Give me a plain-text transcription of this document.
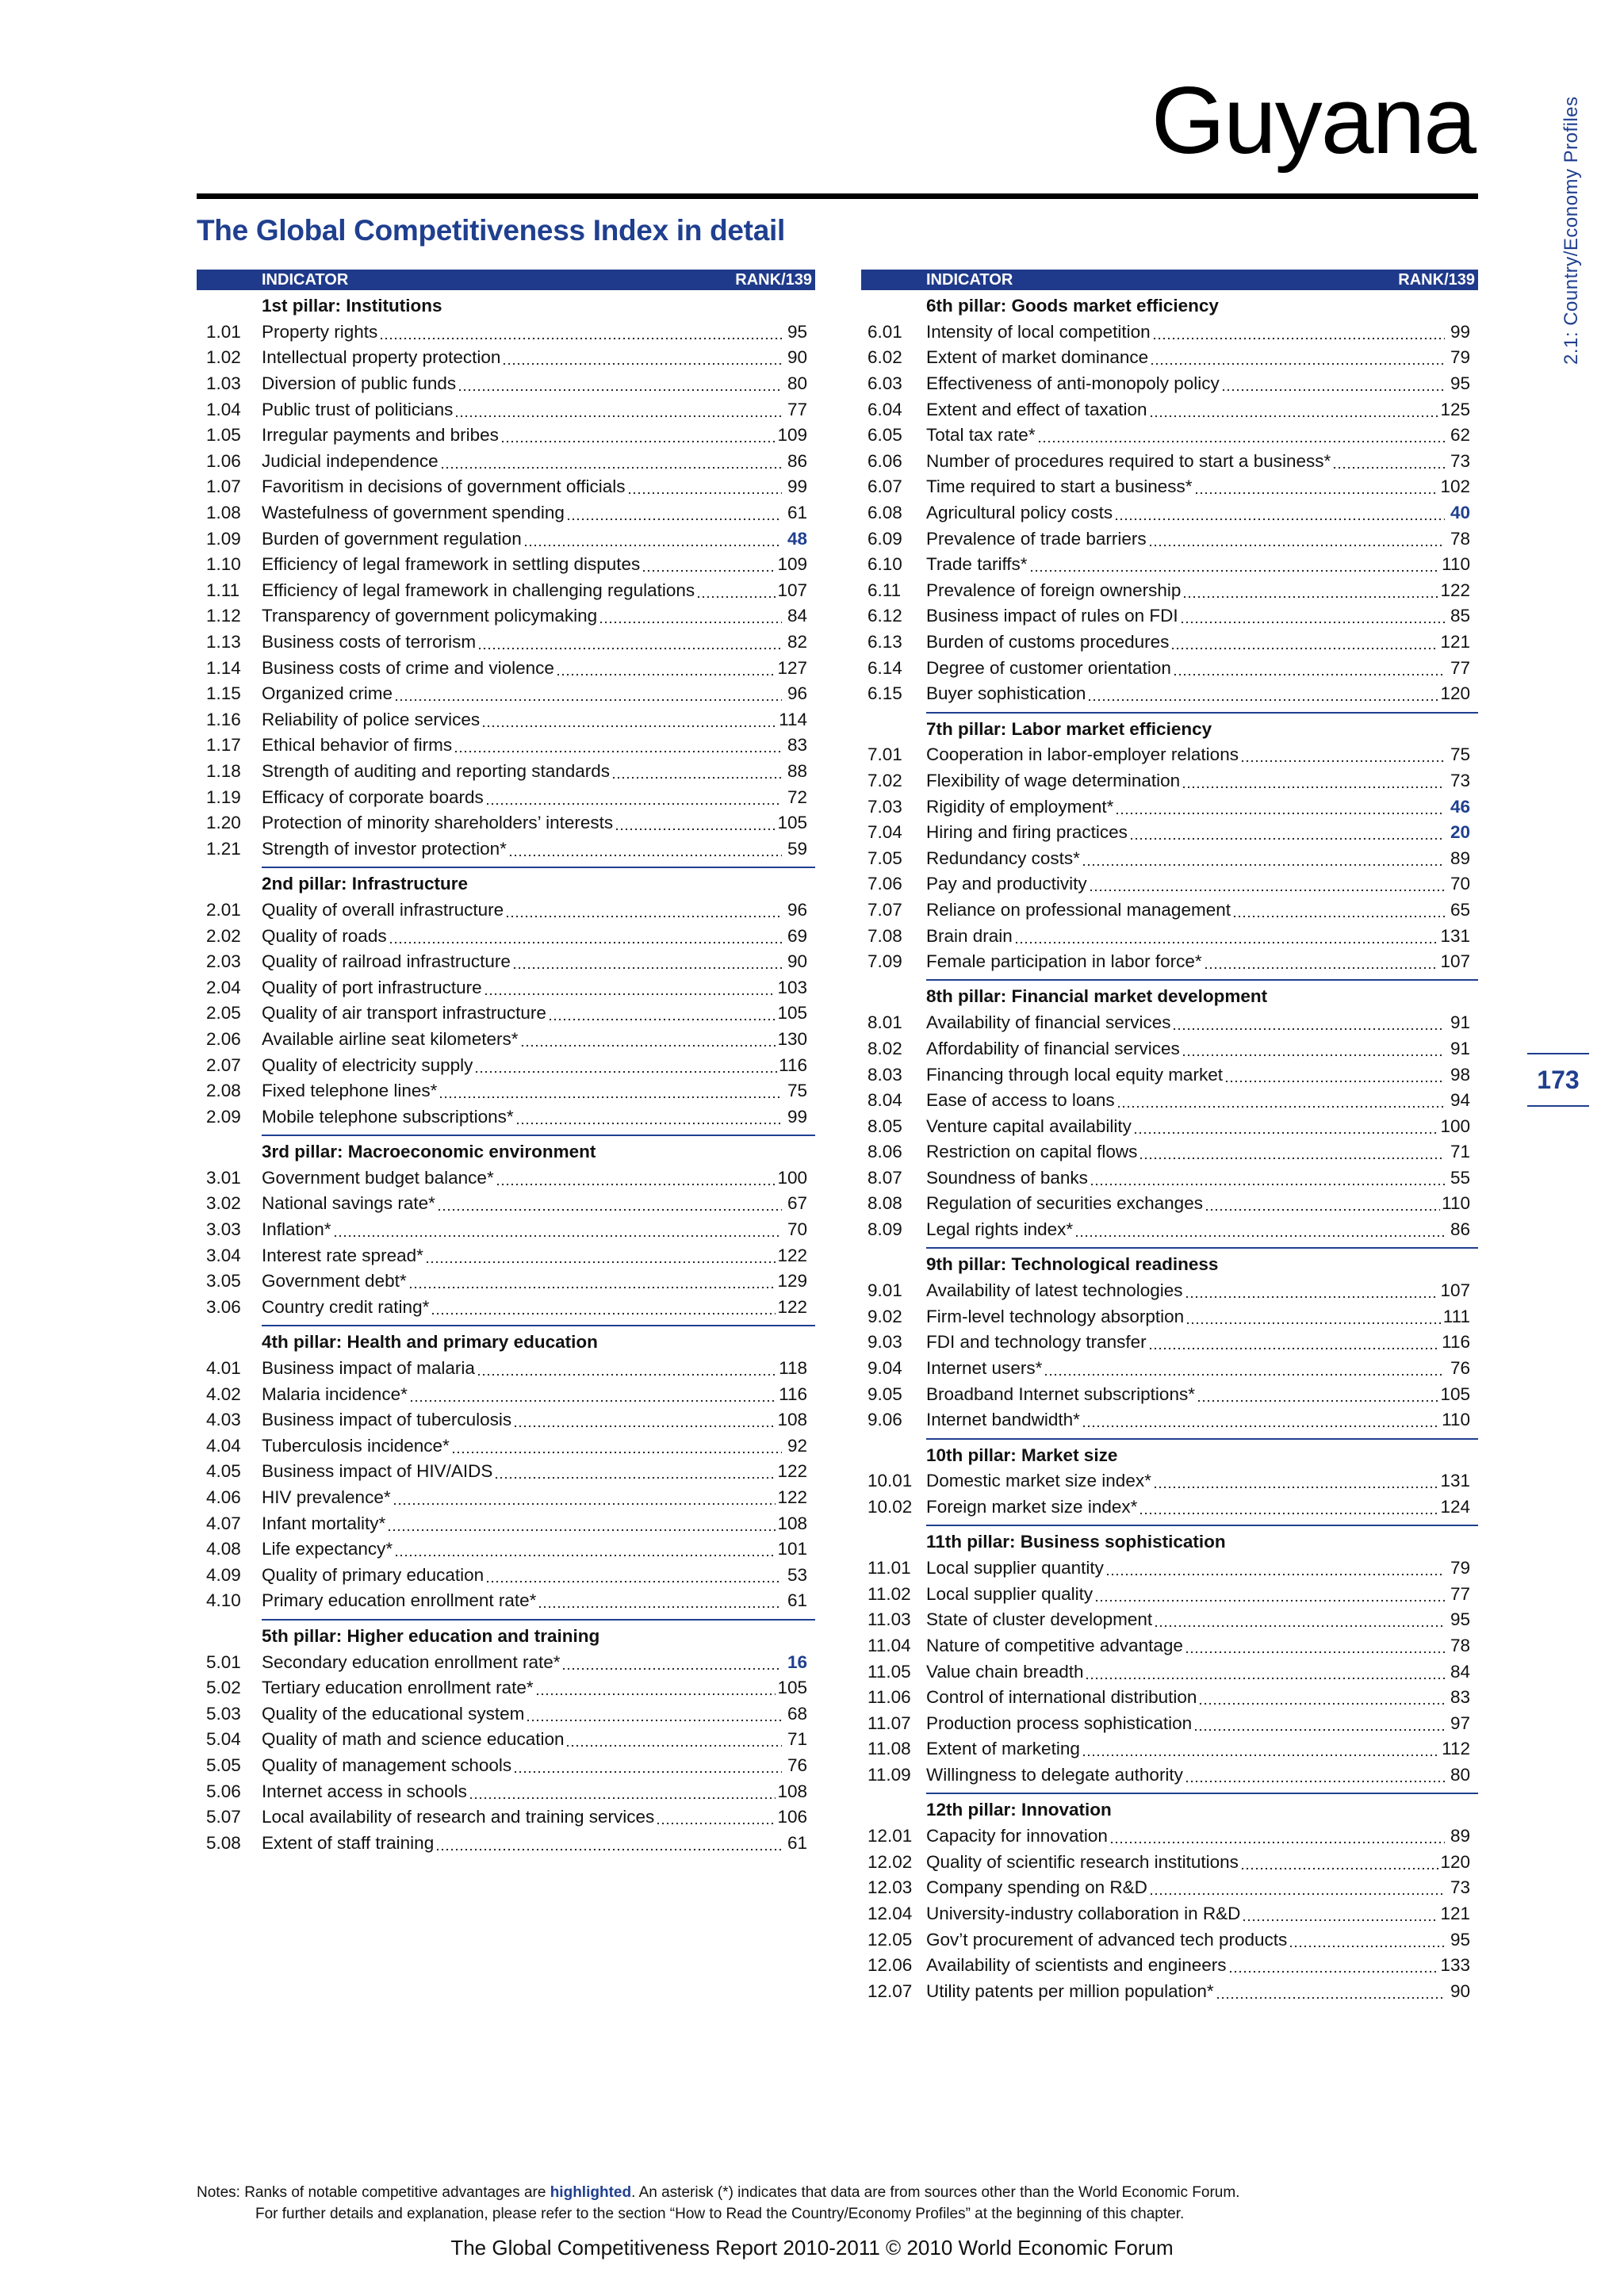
Guyana	2.1: Country/Economy Profiles
173
The Global Competitiveness Index in detail
INDICATOR	RANK/139
1st pillar: Institutions
1.01	Property rights	95
1.02	Intellectual property protection	90
1.03	Diversion of public funds	80
1.04	Public trust of politicians	77
1.05	Irregular payments and bribes	109
1.06	Judicial independence	86
1.07	Favoritism in decisions of government officials	99
1.08	Wastefulness of government spending	61
1.09	Burden of government regulation	48
1.10	Efficiency of legal framework in settling disputes	109
1.11	Efficiency of legal framework in challenging regulations	107
1.12	Transparency of government policymaking	84
1.13	Business costs of terrorism	82
1.14	Business costs of crime and violence	127
1.15	Organized crime	96
1.16	Reliability of police services	114
1.17	Ethical behavior of firms	83
1.18	Strength of auditing and reporting standards	88
1.19	Efficacy of corporate boards	72
1.20	Protection of minority shareholders’ interests	105
1.21	Strength of investor protection*	59
2nd pillar: Infrastructure
2.01	Quality of overall infrastructure	96
2.02	Quality of roads	69
2.03	Quality of railroad infrastructure	90
2.04	Quality of port infrastructure	103
2.05	Quality of air transport infrastructure	105
2.06	Available airline seat kilometers*	130
2.07	Quality of electricity supply	116
2.08	Fixed telephone lines*	75
2.09	Mobile telephone subscriptions*	99
3rd pillar: Macroeconomic environment
3.01	Government budget balance*	100
3.02	National savings rate*	67
3.03	Inflation*	70
3.04	Interest rate spread*	122
3.05	Government debt*	129
3.06	Country credit rating*	122
4th pillar: Health and primary education
4.01	Business impact of malaria	118
4.02	Malaria incidence*	116
4.03	Business impact of tuberculosis	108
4.04	Tuberculosis incidence*	92
4.05	Business impact of HIV/AIDS	122
4.06	HIV prevalence*	122
4.07	Infant mortality*	108
4.08	Life expectancy*	101
4.09	Quality of primary education	53
4.10	Primary education enrollment rate*	61
5th pillar: Higher education and training
5.01	Secondary education enrollment rate*	16
5.02	Tertiary education enrollment rate*	105
5.03	Quality of the educational system	68
5.04	Quality of math and science education	71
5.05	Quality of management schools	76
5.06	Internet access in schools	108
5.07	Local availability of research and training services	106
5.08	Extent of staff training	61
INDICATOR	RANK/139
6th pillar: Goods market efficiency
6.01	Intensity of local competition	99
6.02	Extent of market dominance	79
6.03	Effectiveness of anti-monopoly policy	95
6.04	Extent and effect of taxation	125
6.05	Total tax rate*	62
6.06	Number of procedures required to start a business*	73
6.07	Time required to start a business*	102
6.08	Agricultural policy costs	40
6.09	Prevalence of trade barriers	78
6.10	Trade tariffs*	110
6.11	Prevalence of foreign ownership	122
6.12	Business impact of rules on FDI	85
6.13	Burden of customs procedures	121
6.14	Degree of customer orientation	77
6.15	Buyer sophistication	120
7th pillar: Labor market efficiency
7.01	Cooperation in labor-employer relations	75
7.02	Flexibility of wage determination	73
7.03	Rigidity of employment*	46
7.04	Hiring and firing practices	20
7.05	Redundancy costs*	89
7.06	Pay and productivity	70
7.07	Reliance on professional management	65
7.08	Brain drain	131
7.09	Female participation in labor force*	107
8th pillar: Financial market development
8.01	Availability of financial services	91
8.02	Affordability of financial services	91
8.03	Financing through local equity market	98
8.04	Ease of access to loans	94
8.05	Venture capital availability	100
8.06	Restriction on capital flows	71
8.07	Soundness of banks	55
8.08	Regulation of securities exchanges	110
8.09	Legal rights index*	86
9th pillar: Technological readiness
9.01	Availability of latest technologies	107
9.02	Firm-level technology absorption	111
9.03	FDI and technology transfer	116
9.04	Internet users*	76
9.05	Broadband Internet subscriptions*	105
9.06	Internet bandwidth*	110
10th pillar: Market size
10.01 Domestic market size index*	131
10.02 Foreign market size index*	124
11th pillar: Business sophistication
11.01 Local supplier quantity	79
11.02 Local supplier quality	77
11.03 State of cluster development	95
11.04 Nature of competitive advantage	78
11.05 Value chain breadth	84
11.06 Control of international distribution	83
11.07 Production process sophistication	97
11.08 Extent of marketing	112
11.09 Willingness to delegate authority	80
12th pillar: Innovation
12.01 Capacity for innovation	89
12.02 Quality of scientific research institutions	120
12.03 Company spending on R&D	73
12.04 University-industry collaboration in R&D	121
12.05 Gov’t procurement of advanced tech products	95
12.06 Availability of scientists and engineers	133
12.07 Utility patents per million population*	90
Notes: Ranks of notable competitive advantages are highlighted. An asterisk (*) indicates that data are from sources other than the World Economic Forum.
For further details and explanation, please refer to the section “How to Read the Country/Economy Profiles” at the beginning of this chapter.
The Global Competitiveness Report 2010-2011 © 2010 World Economic Forum
